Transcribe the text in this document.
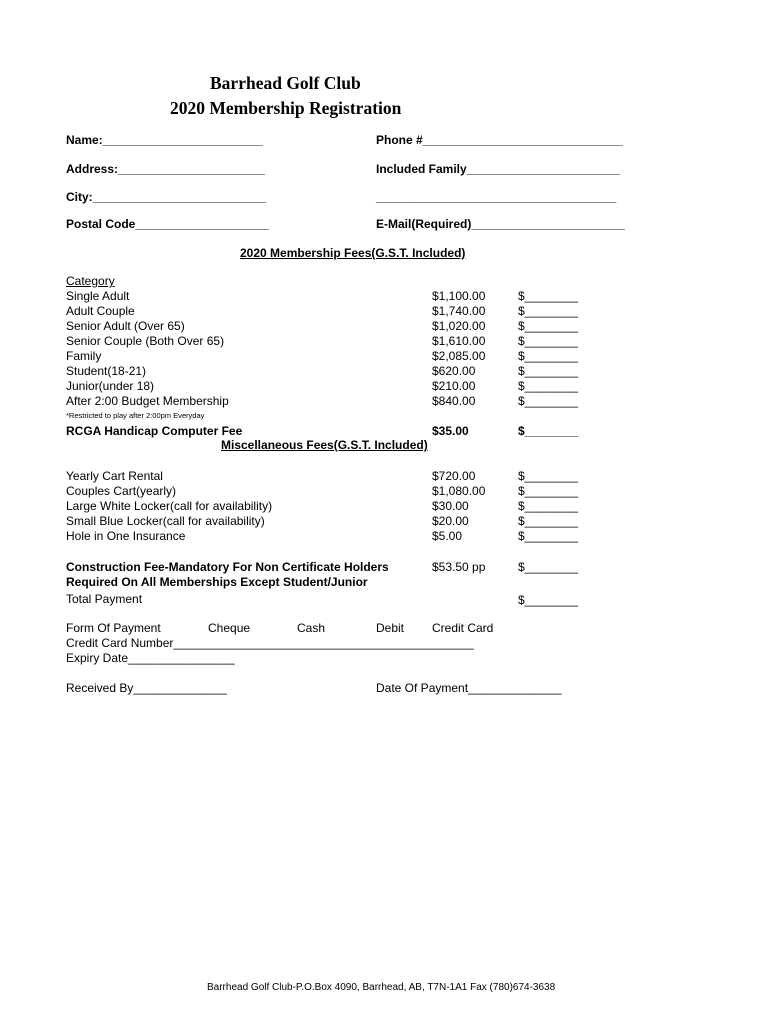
Barrhead Golf Club
2020 Membership Registration
Name:________________________	Phone #______________________________
Address:______________________	Included Family_______________________
City:__________________________	____________________________________
Postal Code____________________	E-Mail(Required)_______________________
2020 Membership Fees(G.S.T. Included)
Category
Single Adult	$1,100.00	$________
Adult Couple	$1,740.00	$________
Senior Adult (Over 65)	$1,020.00	$________
Senior Couple (Both Over 65)	$1,610.00	$________
Family	$2,085.00	$________
Student(18-21)	$620.00	$________
Junior(under 18)	$210.00	$________
After 2:00 Budget Membership	$840.00	$________
*Restricted to play after 2:00pm Everyday
RCGA Handicap Computer Fee	$35.00	$________
Miscellaneous Fees(G.S.T. Included)
Yearly Cart Rental	$720.00	$________
Couples Cart(yearly)	$1,080.00	$________
Large White Locker(call for availability)	$30.00	$________
Small Blue Locker(call for availability)	$20.00	$________
Hole in One Insurance	$5.00	$________
Construction Fee-Mandatory For Non Certificate Holders
Required On All Memberships Except Student/Junior
$53.50 pp	$________
Total Payment	$________
Form Of Payment	Cheque	Cash	Debit Credit Card
Credit Card Number_____________________________________________
Expiry Date________________
Received By______________	Date Of Payment______________
Barrhead Golf Club-P.O.Box 4090, Barrhead, AB, T7N-1A1 Fax (780)674-3638
